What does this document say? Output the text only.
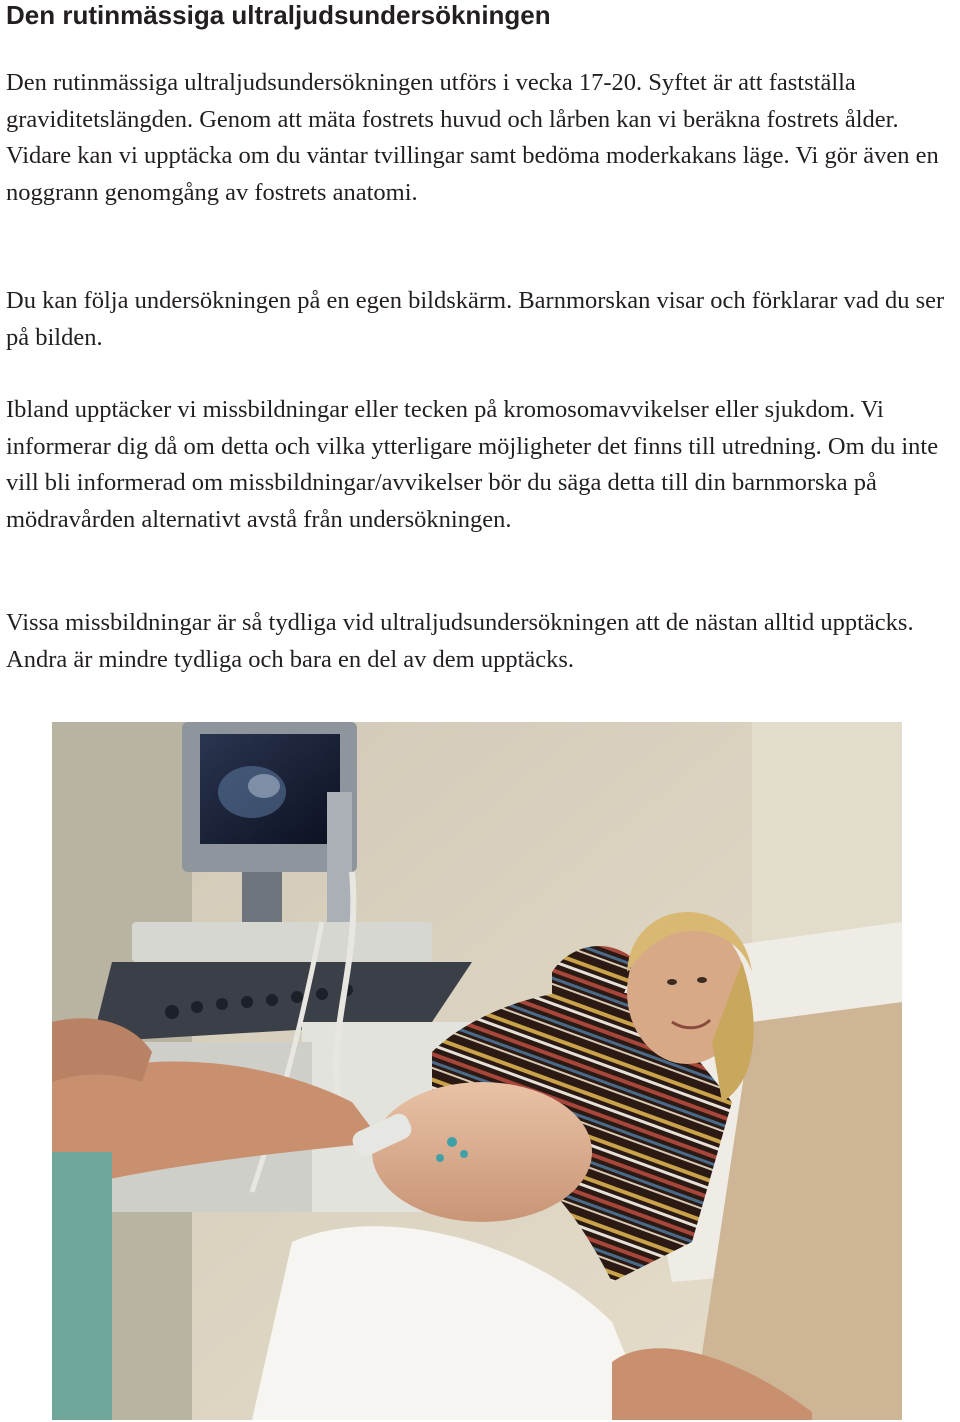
Den rutinmässiga ultraljudsundersökningen

Den rutinmässiga ultraljudsundersökningen utförs i vecka 17-20. Syftet är att fastställa graviditetslängden. Genom att mäta fostrets huvud och lårben kan vi beräkna fostrets ålder. Vidare kan vi upptäcka om du väntar tvillingar samt bedöma moderkakans läge. Vi gör även en noggrann genomgång av fostrets anatomi.

Du kan följa undersökningen på en egen bildskärm. Barnmorskan visar och förklarar vad du ser på bilden.

Ibland upptäcker vi missbildningar eller tecken på kromosomavvikelser eller sjukdom. Vi informerar dig då om detta och vilka ytterligare möjligheter det finns till utredning. Om du inte vill bli informerad om missbildningar/avvikelser bör du säga detta till din barnmorska på mödravården alternativt avstå från undersökningen.

Vissa missbildningar är så tydliga vid ultraljudsundersökningen att de nästan alltid upptäcks. Andra är mindre tydliga och bara en del av dem upptäcks.
